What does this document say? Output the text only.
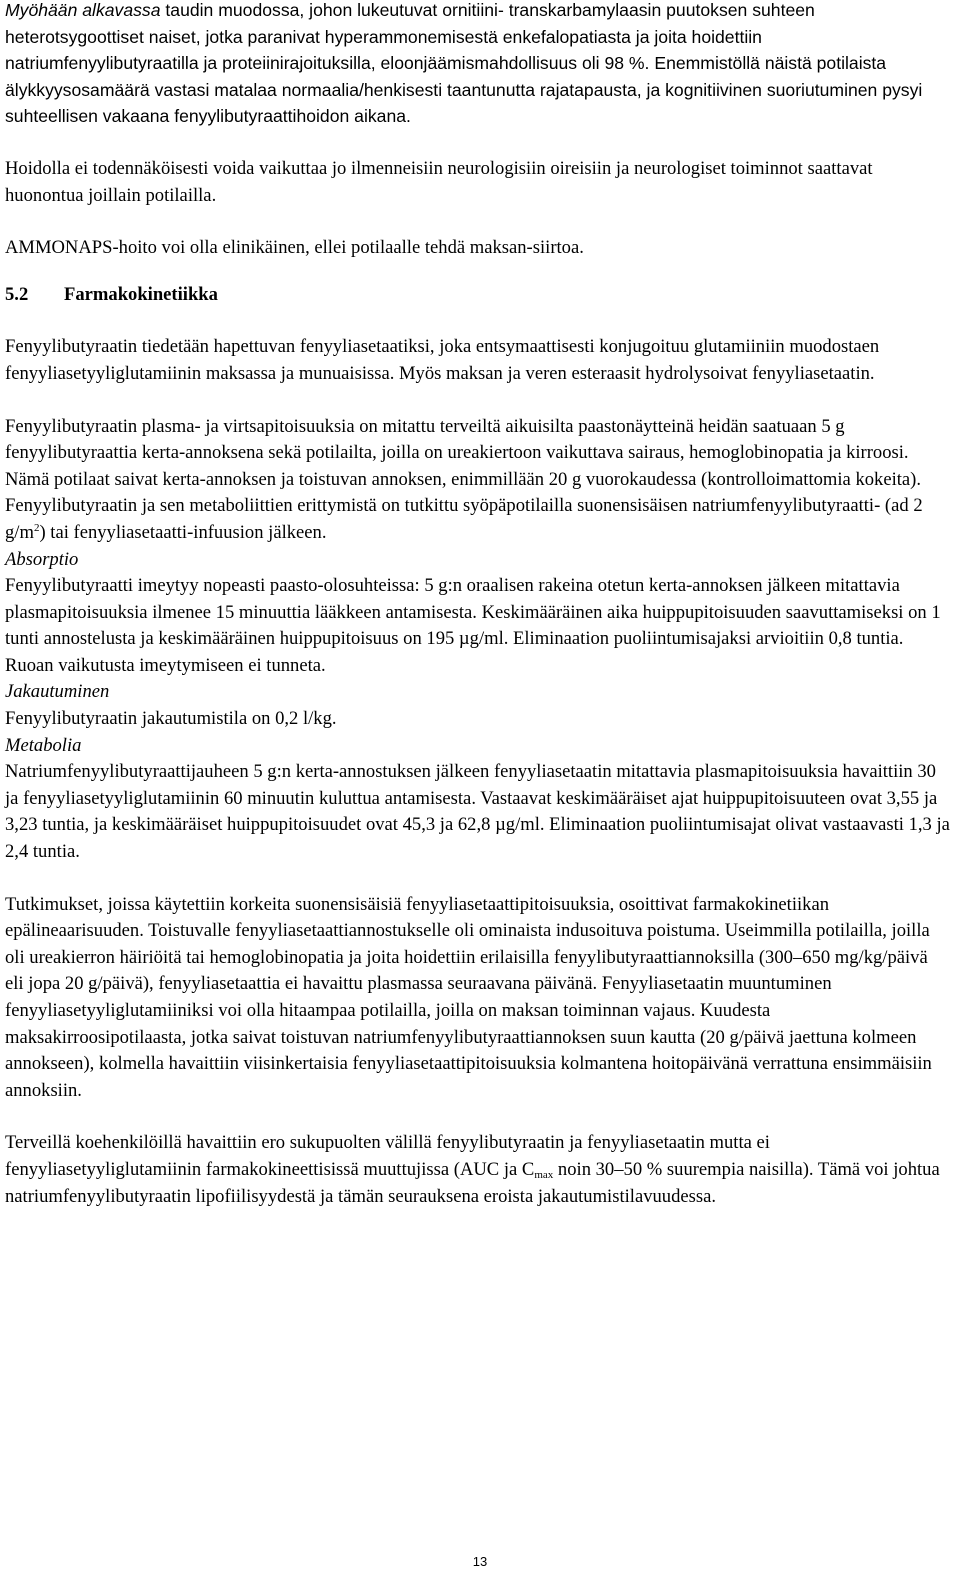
Myöhään alkavassa taudin muodossa, johon lukeutuvat ornitiini- transkarbamylaasin puutoksen suhteen heterotsygoottiset naiset, jotka paranivat hyperammonemisestä enkefalopatiasta ja joita hoidettiin natriumfenyylibutyraatilla ja proteiinirajoituksilla, eloonjäämismahdollisuus oli 98 %. Enemmistöllä näistä potilaista älykkyysosamäärä vastasi matalaa normaalia/henkisesti taantunutta rajatapausta, ja kognitiivinen suoriutuminen pysyi suhteellisen vakaana fenyylibutyraattihoidon aikana.

Hoidolla ei todennäköisesti voida vaikuttaa jo ilmenneisiin neurologisiin oireisiin ja neurologiset toiminnot saattavat huonontua joillain potilailla.

AMMONAPS-hoito voi olla elinikäinen, ellei potilaalle tehdä maksan-siirtoa.

5.2 Farmakokinetiikka

Fenyylibutyraatin tiedetään hapettuvan fenyyliasetaatiksi, joka entsymaattisesti konjugoituu glutamiiniin muodostaen fenyyliasetyyliglutamiinin maksassa ja munuaisissa. Myös maksan ja veren esteraasit hydrolysoivat fenyyliasetaatin.

Fenyylibutyraatin plasma- ja virtsapitoisuuksia on mitattu terveiltä aikuisilta paastonäytteinä heidän saatuaan 5 g fenyylibutyraattia kerta-annoksena sekä potilailta, joilla on ureakiertoon vaikuttava sairaus, hemoglobinopatia ja kirroosi. Nämä potilaat saivat kerta-annoksen ja toistuvan annoksen, enimmillään 20 g vuorokaudessa (kontrolloimattomia kokeita). Fenyylibutyraatin ja sen metaboliittien erittymistä on tutkittu syöpäpotilailla suonensisäisen natriumfenyylibutyraatti- (ad 2 $g/m^2$) tai fenyyliasetaatti-infuusion jälkeen.

Absorptio

Fenyylibutyraatti imeytyy nopeasti paasto-olosuhteissa: 5 g:n oraalisen rakeina otetun kerta-annoksen jälkeen mitattavia plasmapitoisuuksia ilmenee 15 minuuttia lääkkeen antamisesta. Keskimääräinen aika huippupitoisuuden saavuttamiseksi on 1 tunti annostelusta ja keskimääräinen huippupitoisuus on 195 µg/ml. Eliminaation puoliintumisajaksi arvioitiin 0,8 tuntia. Ruoan vaikutusta imeytymiseen ei tunneta.

Jakautuminen

Fenyylibutyraatin jakautumistila on 0,2 l/kg.

Metabolia

Natriumfenyylibutyraattijauheen 5 g:n kerta-annostuksen jälkeen fenyyliasetaatin mitattavia plasmapitoisuuksia havaittiin 30 ja fenyyliasetyyliglutamiinin 60 minuutin kuluttua antamisesta. Vastaavat keskimääräiset ajat huippupitoisuuteen ovat 3,55 ja 3,23 tuntia, ja keskimääräiset huippupitoisuudet ovat 45,3 ja 62,8 µg/ml. Eliminaation puoliintumisajat olivat vastaavasti 1,3 ja 2,4 tuntia.

Tutkimukset, joissa käytettiin korkeita suonensisäisiä fenyyliasetaattipitoisuuksia, osoittivat farmakokinetiikan epälineaarisuuden. Toistuvalle fenyyliasetaattiannostukselle oli ominaista indusoituva poistuma. Useimmilla potilailla, joilla oli ureakierron häiriöitä tai hemoglobinopatia ja joita hoidettiin erilaisilla fenyylibutyraattiannoksilla (300–650 mg/kg/päivä eli jopa 20 g/päivä), fenyyliasetaattia ei havaittu plasmassa seuraavana päivänä. Fenyyliasetaatin muuntuminen fenyyliasetyyliglutamiiniksi voi olla hitaampaa potilailla, joilla on maksan toiminnan vajaus. Kuudesta maksakirroosipotilaasta, jotka saivat toistuvan natriumfenyylibutyraattiannoksen suun kautta (20 g/päivä jaettuna kolmeen annokseen), kolmella havaittiin viisinkertaisia fenyyliasetaattipitoisuuksia kolmantena hoitopäivänä verrattuna ensimmäisiin annoksiin.

Terveillä koehenkilöillä havaittiin ero sukupuolten välillä fenyylibutyraatin ja fenyyliasetaatin mutta ei fenyyliasetyyliglutamiinin farmakokineettisissä muuttujissa (AUC ja $C_{max}$ noin 30–50 % suurempia naisilla). Tämä voi johtua natriumfenyylibutyraatin lipofiilisyydestä ja tämän seurauksena eroista jakautumistilavuudessa.

13
